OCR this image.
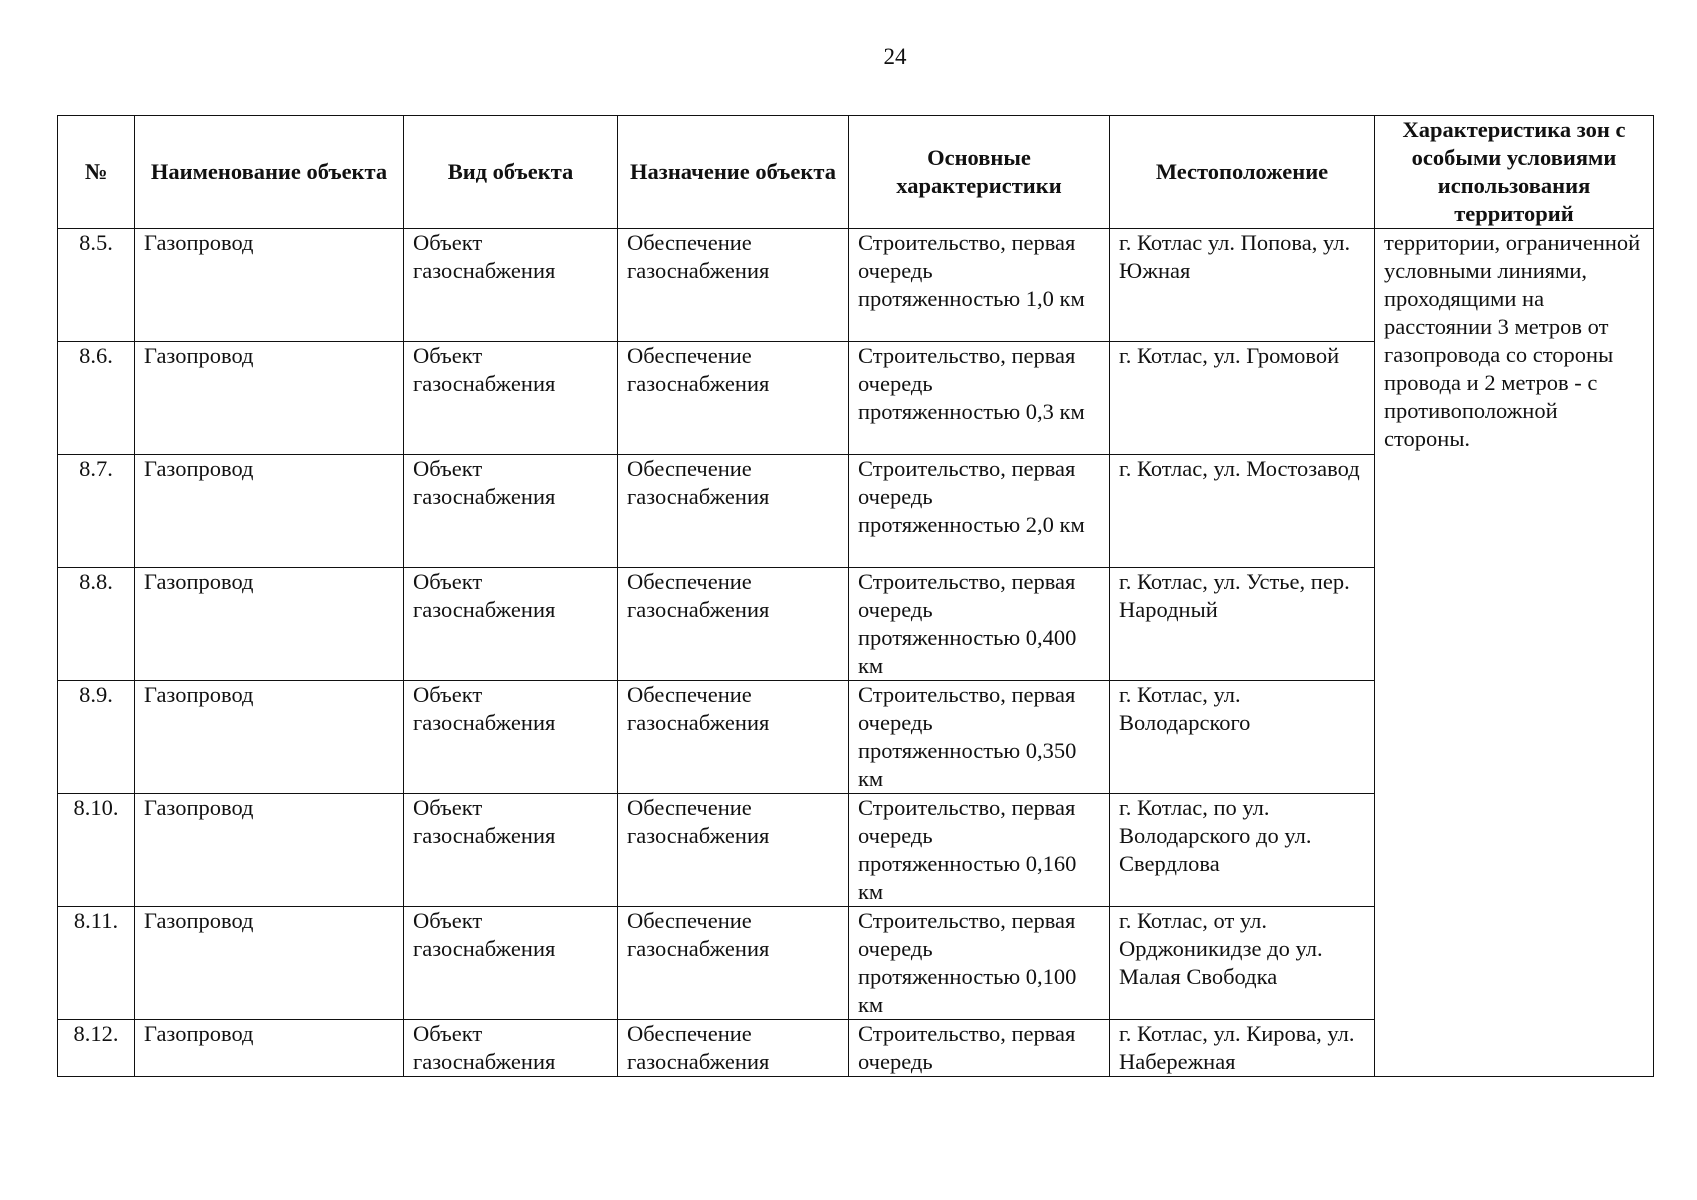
24
№	Наименование объекта	Вид объекта	Назначение объекта	Основные характеристики	Местоположение	Характеристика зон с особыми условиями использования территорий
8.5.	Газопровод	Объект газоснабжения	Обеспечение газоснабжения	Строительство, первая очередь протяженностью 1,0 км	г. Котлас ул. Попова, ул. Южная	территории, ограниченной условными линиями, проходящими на расстоянии 3 метров от газопровода со стороны провода и 2 метров - с противоположной стороны.
8.6.	Газопровод	Объект газоснабжения	Обеспечение газоснабжения	Строительство, первая очередь протяженностью 0,3 км	г. Котлас, ул. Громовой	
8.7.	Газопровод	Объект газоснабжения	Обеспечение газоснабжения	Строительство, первая очередь протяженностью 2,0 км	г. Котлас, ул. Мостозавод	
8.8.	Газопровод	Объект газоснабжения	Обеспечение газоснабжения	Строительство, первая очередь протяженностью 0,400 км	г. Котлас, ул. Устье, пер. Народный	
8.9.	Газопровод	Объект газоснабжения	Обеспечение газоснабжения	Строительство, первая очередь протяженностью 0,350 км	г. Котлас, ул. Володарского	
8.10.	Газопровод	Объект газоснабжения	Обеспечение газоснабжения	Строительство, первая очередь протяженностью 0,160 км	г. Котлас, по ул. Володарского до ул. Свердлова	
8.11.	Газопровод	Объект газоснабжения	Обеспечение газоснабжения	Строительство, первая очередь протяженностью 0,100 км	г. Котлас, от ул. Орджоникидзе до ул. Малая Свободка	
8.12.	Газопровод	Объект газоснабжения	Обеспечение газоснабжения	Строительство, первая очередь	г. Котлас, ул. Кирова, ул. Набережная	
